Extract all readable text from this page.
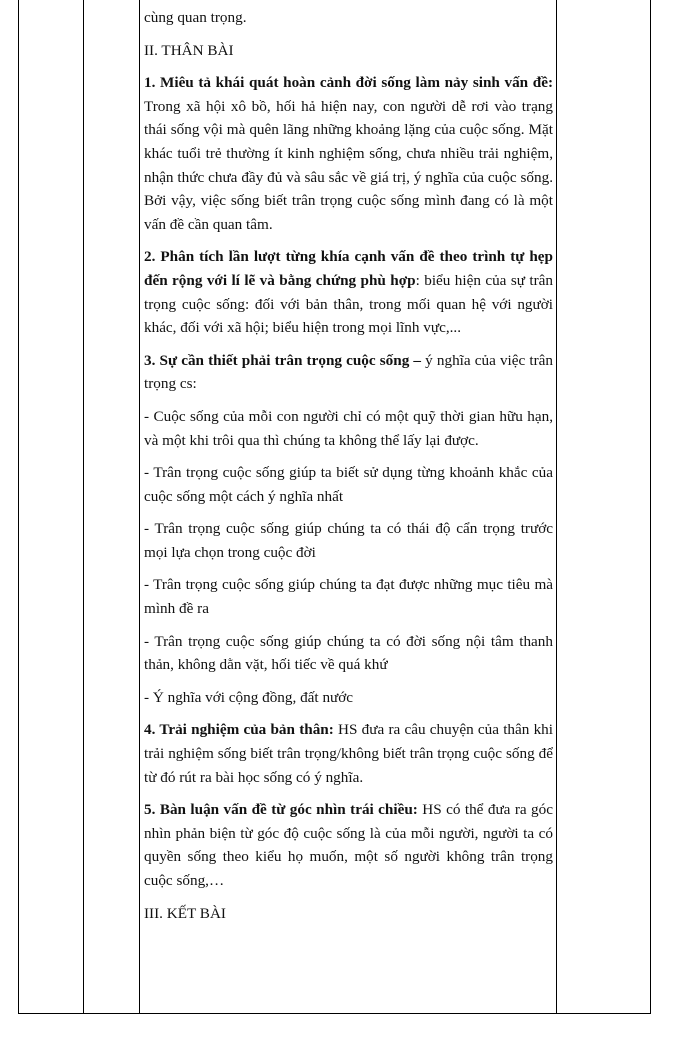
cùng quan trọng.

II. THÂN BÀI

1. Miêu tả khái quát hoàn cảnh đời sống làm nảy sinh vấn đề: Trong xã hội xô bồ, hối hả hiện nay, con người dễ rơi vào trạng thái sống vội mà quên lãng những khoảng lặng của cuộc sống. Mặt khác tuổi trẻ thường ít kinh nghiệm sống, chưa nhiều trải nghiệm, nhận thức chưa đầy đủ và sâu sắc về giá trị, ý nghĩa của cuộc sống. Bởi vậy, việc sống biết trân trọng cuộc sống mình đang có là một vấn đề cần quan tâm.

2. Phân tích lần lượt từng khía cạnh vấn đề theo trình tự hẹp đến rộng với lí lẽ và bằng chứng phù hợp: biểu hiện của sự trân trọng cuộc sống: đối với bản thân, trong mối quan hệ với người khác, đối với xã hội; biểu hiện trong mọi lĩnh vực,...

3. Sự cần thiết phải trân trọng cuộc sống – ý nghĩa của việc trân trọng cs:

- Cuộc sống của mỗi con người chỉ có một quỹ thời gian hữu hạn, và một khi trôi qua thì chúng ta không thể lấy lại được.

- Trân trọng cuộc sống giúp ta biết sử dụng từng khoảnh khắc của cuộc sống một cách ý nghĩa nhất

- Trân trọng cuộc sống giúp chúng ta có thái độ cẩn trọng trước mọi lựa chọn trong cuộc đời

- Trân trọng cuộc sống giúp chúng ta đạt được những mục tiêu mà mình đề ra

- Trân trọng cuộc sống giúp chúng ta có đời sống nội tâm thanh thản, không dằn vặt, hối tiếc về quá khứ

- Ý nghĩa với cộng đồng, đất nước

4. Trải nghiệm của bản thân: HS đưa ra câu chuyện của thân khi trải nghiệm sống biết trân trọng/không biết trân trọng cuộc sống để từ đó rút ra bài học sống có ý nghĩa.

5. Bàn luận vấn đề từ góc nhìn trái chiều: HS có thể đưa ra góc nhìn phản biện từ góc độ cuộc sống là của mỗi người, người ta có quyền sống theo kiểu họ muốn, một số người không trân trọng cuộc sống,…

III. KẾT BÀI
